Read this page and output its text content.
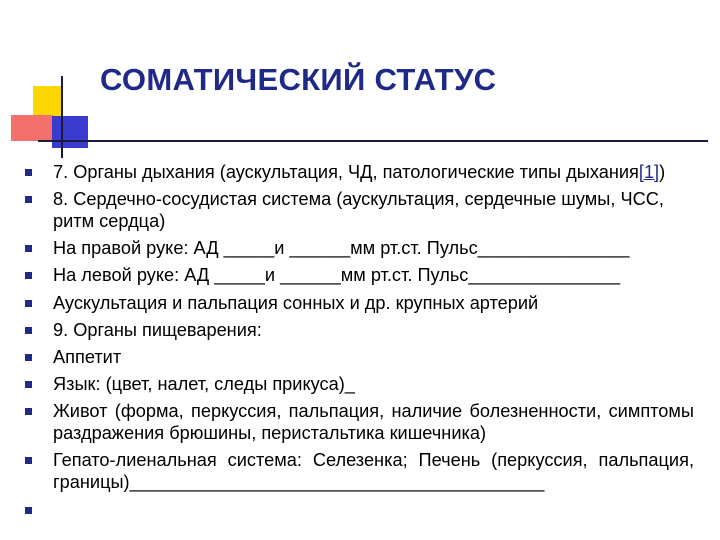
СОМАТИЧЕСКИЙ СТАТУС
7. Органы дыхания (аускультация, ЧД, патологические типы дыхания[1])
8. Сердечно-сосудистая система (аускультация, сердечные шумы, ЧСС, ритм сердца)
На правой руке: АД _____и ______мм рт.ст. Пульс_______________
На левой руке: АД _____и ______мм рт.ст. Пульс_______________
Аускультация и пальпация сонных и др. крупных артерий
9. Органы пищеварения:
Аппетит
Язык: (цвет, налет, следы прикуса)_
Живот (форма, перкуссия, пальпация, наличие болезненности, симптомы раздражения брюшины, перистальтика кишечника)
Гепато-лиенальная система: Селезенка; Печень (перкуссия, пальпация, границы)_________________________________________
